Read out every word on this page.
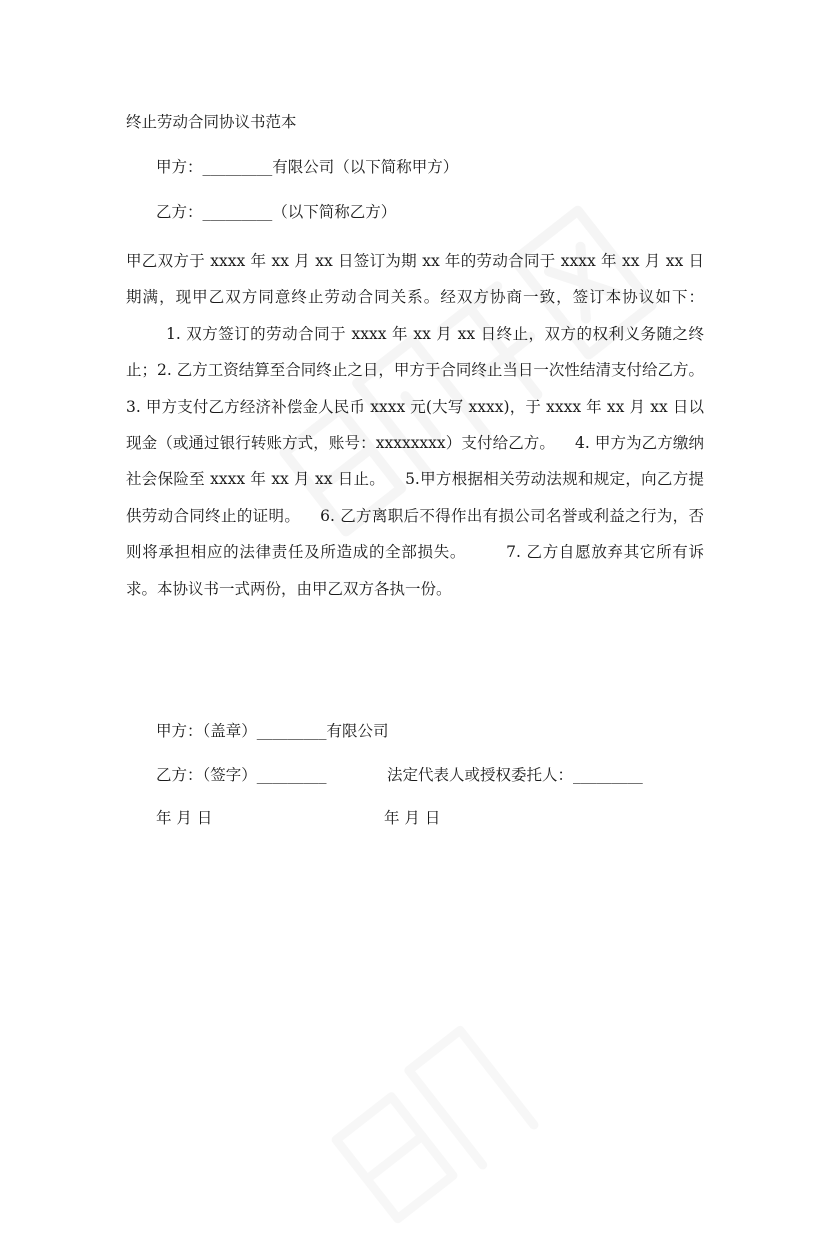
终止劳动合同协议书范本
甲方：_________有限公司（以下简称甲方）
乙方：_________（以下简称乙方）
甲乙双方于 xxxx 年 xx 月 xx 日签订为期 xx 年的劳动合同于 xxxx 年 xx 月 xx 日期满，现甲乙双方同意终止劳动合同关系。经双方协商一致，签订本协议如下：1. 双方签订的劳动合同于 xxxx 年 xx 月 xx 日终止，双方的权利义务随之终止；2. 乙方工资结算至合同终止之日，甲方于合同终止当日一次性结清支付给乙方。3. 甲方支付乙方经济补偿金人民币 xxxx 元(大写 xxxx)，于 xxxx 年 xx 月 xx 日以现金（或通过银行转账方式，账号：xxxxxxxx）支付给乙方。 4. 甲方为乙方缴纳社会保险至 xxxx 年 xx 月 xx 日止。 5.甲方根据相关劳动法规和规定，向乙方提供劳动合同终止的证明。 6. 乙方离职后不得作出有损公司名誉或利益之行为，否则将承担相应的法律责任及所造成的全部损失。	7. 乙方自愿放弃其它所有诉求。本协议书一式两份，由甲乙双方各执一份。
甲方：（盖章）_________有限公司
乙方：（签字）_________	法定代表人或授权委托人：_________
年 月 日	年 月 日
